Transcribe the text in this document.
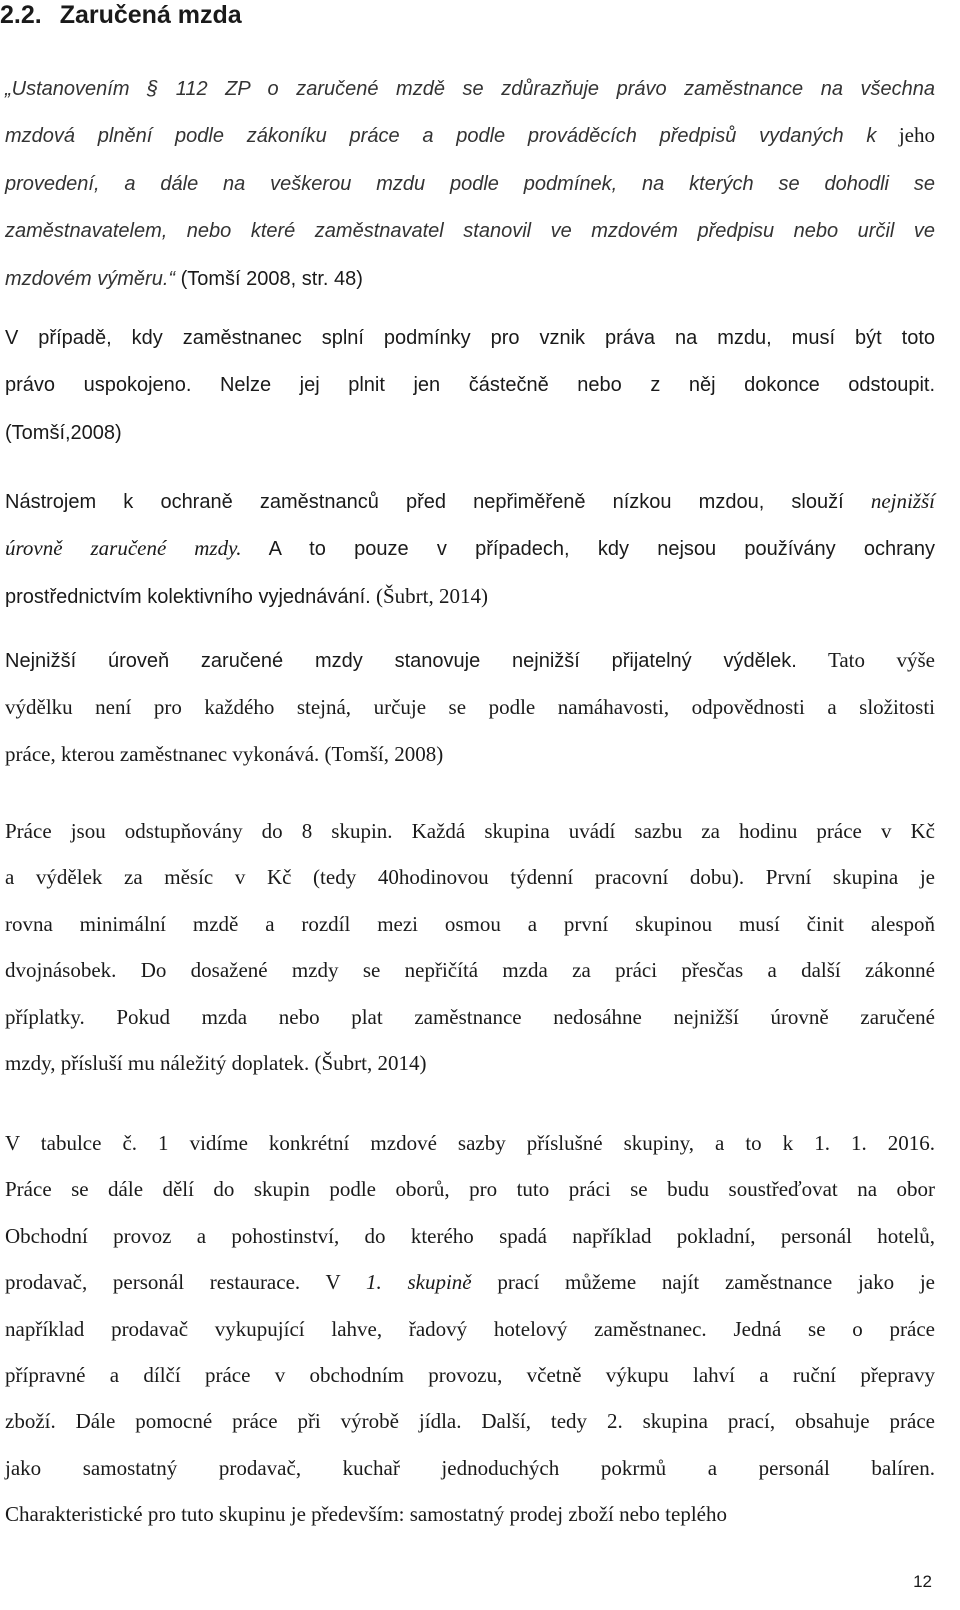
2.2. Zaručená mzda
„Ustanovením § 112 ZP o zaručené mzdě se zdůrazňuje právo zaměstnance na všechna
mzdová plnění podle zákoníku práce a podle prováděcích předpisů vydaných k jeho
provedení, a dále na veškerou mzdu podle podmínek, na kterých se dohodli se
zaměstnavatelem, nebo které zaměstnavatel stanovil ve mzdovém předpisu nebo určil ve
mzdovém výměru.“ (Tomší 2008, str. 48)
V případě, kdy zaměstnanec splní podmínky pro vznik práva na mzdu, musí být toto
právo uspokojeno. Nelze jej plnit jen částečně nebo z něj dokonce odstoupit.
(Tomší,2008)
Nástrojem k ochraně zaměstnanců před nepřiměřeně nízkou mzdou, slouží nejnižší
úrovně zaručené mzdy. A to pouze v případech, kdy nejsou používány ochrany
prostřednictvím kolektivního vyjednávání. (Šubrt, 2014)
Nejnižší úroveň zaručené mzdy stanovuje nejnižší přijatelný výdělek. Tato výše
výdělku není pro každého stejná, určuje se podle namáhavosti, odpovědnosti a složitosti
práce, kterou zaměstnanec vykonává. (Tomší, 2008)
Práce jsou odstupňovány do 8 skupin. Každá skupina uvádí sazbu za hodinu práce v Kč
a výdělek za měsíc v Kč (tedy 40hodinovou týdenní pracovní dobu). První skupina je
rovna minimální mzdě a rozdíl mezi osmou a první skupinou musí činit alespoň
dvojnásobek. Do dosažené mzdy se nepřičítá mzda za práci přesčas a další zákonné
příplatky. Pokud mzda nebo plat zaměstnance nedosáhne nejnižší úrovně zaručené
mzdy, přísluší mu náležitý doplatek. (Šubrt, 2014)
V tabulce č. 1 vidíme konkrétní mzdové sazby příslušné skupiny, a to k 1. 1. 2016.
Práce se dále dělí do skupin podle oborů, pro tuto práci se budu soustřeďovat na obor
Obchodní provoz a pohostinství, do kterého spadá například pokladní, personál hotelů,
prodavač, personál restaurace. V 1. skupině prací můžeme najít zaměstnance jako je
například prodavač vykupující lahve, řadový hotelový zaměstnanec. Jedná se o práce
přípravné a dílčí práce v obchodním provozu, včetně výkupu lahví a ruční přepravy
zboží. Dále pomocné práce při výrobě jídla. Další, tedy 2. skupina prací, obsahuje práce
jako samostatný prodavač, kuchař jednoduchých pokrmů a personál balíren.
Charakteristické pro tuto skupinu je především: samostatný prodej zboží nebo teplého
12
